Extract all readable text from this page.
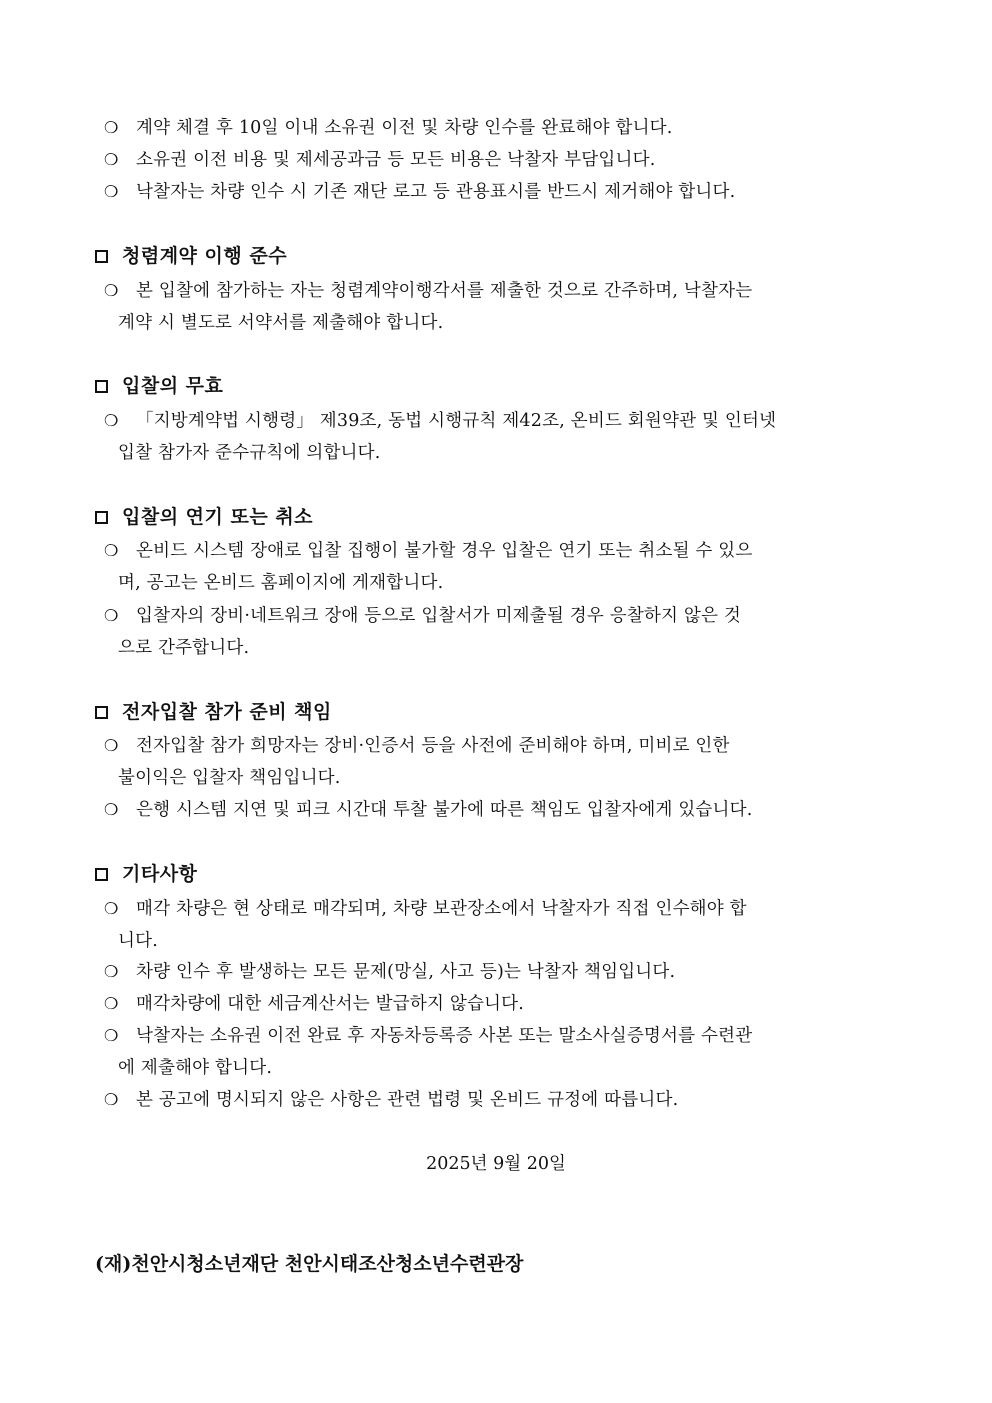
❍ 계약 체결 후 10일 이내 소유권 이전 및 차량 인수를 완료해야 합니다.
❍ 소유권 이전 비용 및 제세공과금 등 모든 비용은 낙찰자 부담입니다.
❍ 낙찰자는 차량 인수 시 기존 재단 로고 등 관용표시를 반드시 제거해야 합니다.
청렴계약 이행 준수
❍ 본 입찰에 참가하는 자는 청렴계약이행각서를 제출한 것으로 간주하며, 낙찰자는

계약 시 별도로 서약서를 제출해야 합니다.
입찰의 무효
❍ 「지방계약법 시행령」 제39조, 동법 시행규칙 제42조, 온비드 회원약관 및 인터넷

입찰 참가자 준수규칙에 의합니다.
입찰의 연기 또는 취소
❍ 온비드 시스템 장애로 입찰 집행이 불가할 경우 입찰은 연기 또는 취소될 수 있으

며, 공고는 온비드 홈페이지에 게재합니다.
❍ 입찰자의 장비·네트워크 장애 등으로 입찰서가 미제출될 경우 응찰하지 않은 것

으로 간주합니다.
전자입찰 참가 준비 책임
❍ 전자입찰 참가 희망자는 장비·인증서 등을 사전에 준비해야 하며, 미비로 인한

불이익은 입찰자 책임입니다.
❍ 은행 시스템 지연 및 피크 시간대 투찰 불가에 따른 책임도 입찰자에게 있습니다.
기타사항
❍ 매각 차량은 현 상태로 매각되며, 차량 보관장소에서 낙찰자가 직접 인수해야 합

니다.
❍ 차량 인수 후 발생하는 모든 문제(망실, 사고 등)는 낙찰자 책임입니다.
❍ 매각차량에 대한 세금계산서는 발급하지 않습니다.
❍ 낙찰자는 소유권 이전 완료 후 자동차등록증 사본 또는 말소사실증명서를 수련관

에 제출해야 합니다.
❍ 본 공고에 명시되지 않은 사항은 관련 법령 및 온비드 규정에 따릅니다.
2025년 9월 20일
(재)천안시청소년재단 천안시태조산청소년수련관장
